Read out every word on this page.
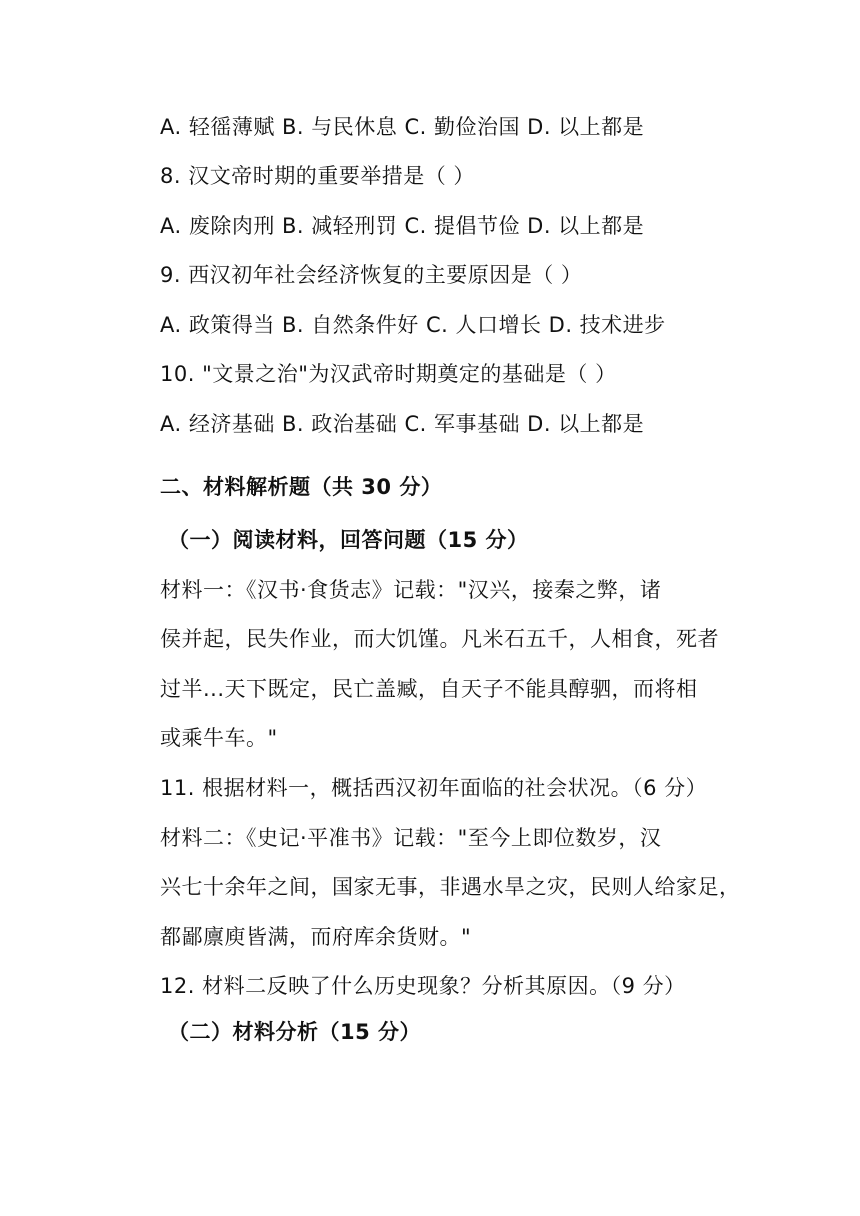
A. 轻徭薄赋 B. 与民休息 C. 勤俭治国 D. 以上都是
8. 汉文帝时期的重要举措是（ ）
A. 废除肉刑 B. 减轻刑罚 C. 提倡节俭 D. 以上都是
9. 西汉初年社会经济恢复的主要原因是（ ）
A. 政策得当 B. 自然条件好 C. 人口增长 D. 技术进步
10. "文景之治"为汉武帝时期奠定的基础是（ ）
A. 经济基础 B. 政治基础 C. 军事基础 D. 以上都是
二、材料解析题（共 30 分）
（一）阅读材料，回答问题（15 分）
材料一：《汉书·食货志》记载："汉兴，接秦之弊，诸
侯并起，民失作业，而大饥馑。凡米石五千，人相食，死者
过半...天下既定，民亡盖臧，自天子不能具醇驷，而将相
或乘牛车。"
11. 根据材料一，概括西汉初年面临的社会状况。（6 分）
材料二：《史记·平准书》记载："至今上即位数岁，汉
兴七十余年之间，国家无事，非遇水旱之灾，民则人给家足，
都鄙廪庾皆满，而府库余货财。"
12. 材料二反映了什么历史现象？分析其原因。（9 分）
（二）材料分析（15 分）
